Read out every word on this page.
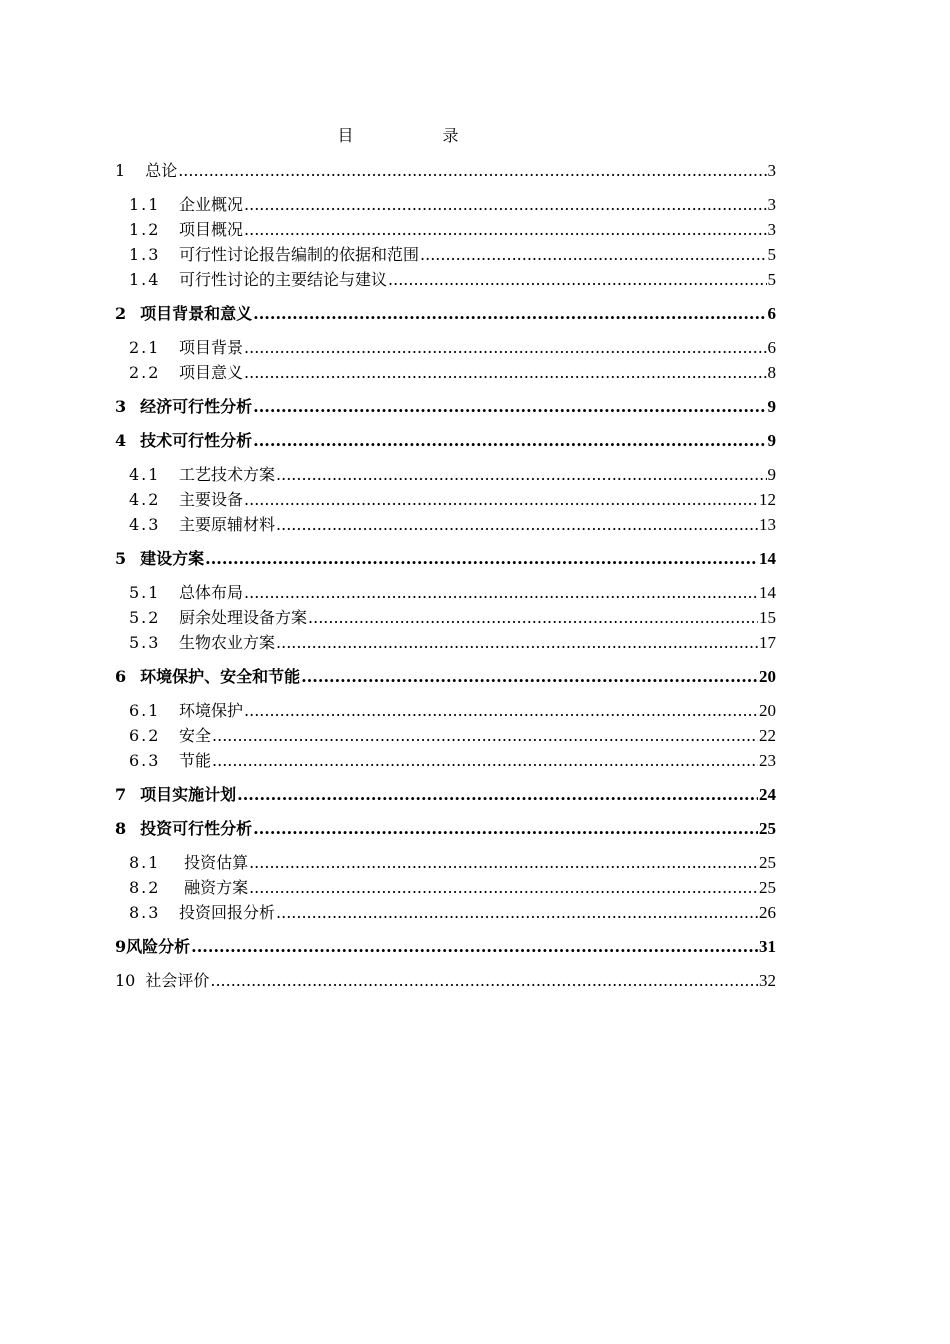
目 录
1	总论 .....	3
1.1	企业概况 .....	3
1.2	项目概况 .....	3
1.3	可行性讨论报告编制的依据和范围 .....	5
1.4	可行性讨论的主要结论与建议 .....	5
2 项目背景和意义 .....	6
2.1	项目背景 .....	6
2.2	项目意义 .....	8
3 经济可行性分析 .....	9
4 技术可行性分析 .....	9
4.1	工艺技术方案 .....	9
4.2	主要设备 .....	12
4.3	主要原辅材料 .....	13
5 建设方案 .....	14
5.1	总体布局 .....	14
5.2	厨余处理设备方案 .....	15
5.3	生物农业方案 .....	17
6 环境保护、安全和节能 .....	20
6.1	环境保护 .....	20
6.2	安全 .....	22
6.3	节能 .....	23
7 项目实施计划 .....	24
8 投资可行性分析 .....	25
8.1	投资估算 .....	25
8.2	融资方案 .....	25
8.3	投资回报分析 .....	26
9 风险分析 .....	31
10 社会评价 .....	32
